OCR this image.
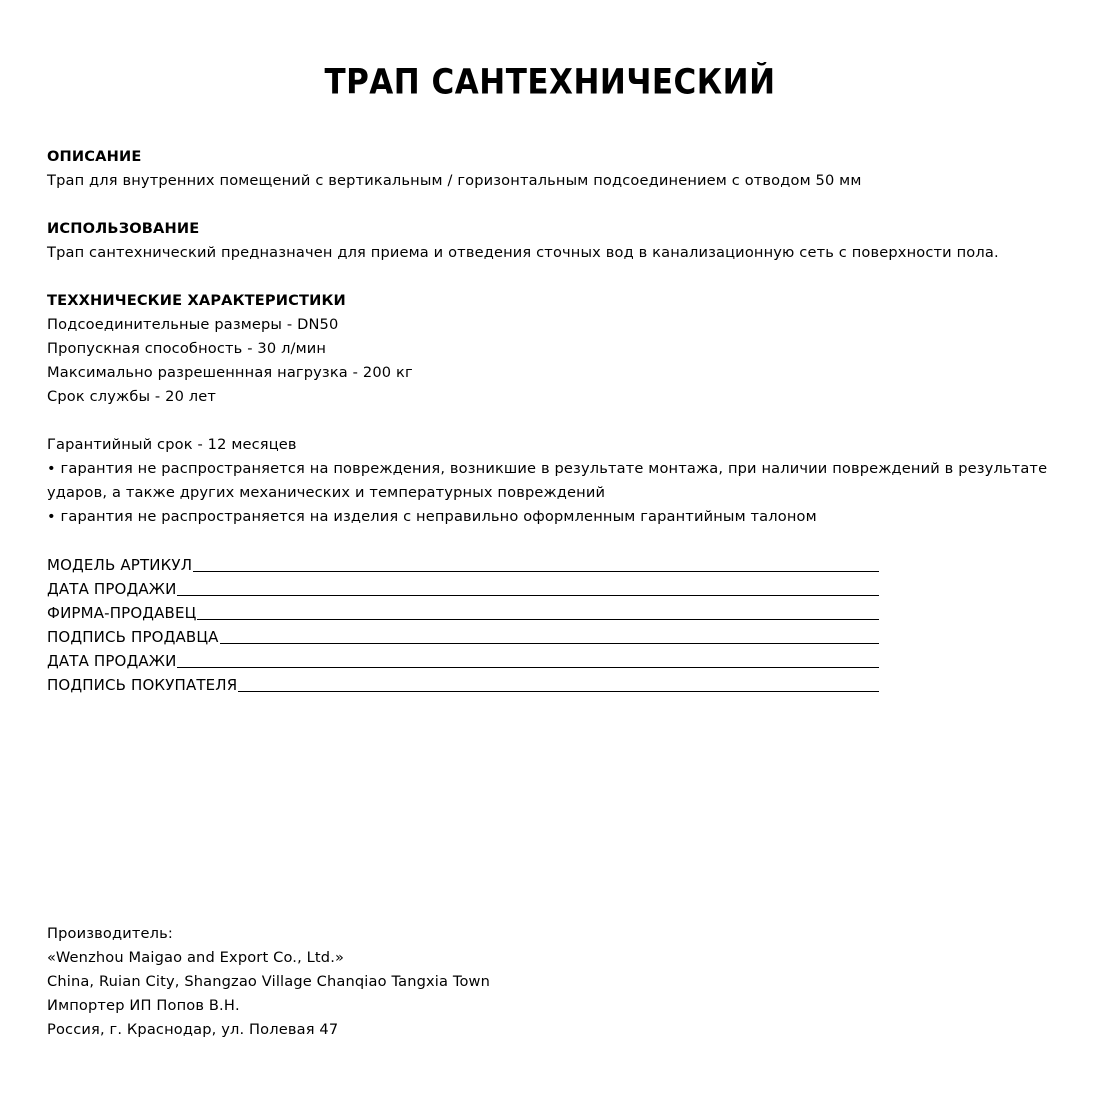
ТРАП САНТЕХНИЧЕСКИЙ
ОПИСАНИЕ
Трап для внутренних помещений с вертикальным / горизонтальным подсоединением с отводом 50 мм
ИСПОЛЬЗОВАНИЕ
Трап сантехнический предназначен для приема и отведения сточных вод в канализационную сеть с поверхности пола.
ТЕХХНИЧЕСКИЕ ХАРАКТЕРИСТИКИ
Подсоединительные размеры - DN50
Пропускная способность - 30 л/мин
Максимально разрешеннная нагрузка - 200 кг
Срок службы - 20 лет
Гарантийный срок - 12 месяцев
• гарантия не распространяется на повреждения, возникшие в результате монтажа, при наличии повреждений в результате ударов, а также других механических и температурных повреждений
• гарантия не распространяется на изделия с неправильно оформленным гарантийным талоном
МОДЕЛЬ АРТИКУЛ
ДАТА ПРОДАЖИ
ФИРМА-ПРОДАВЕЦ
ПОДПИСЬ ПРОДАВЦА
ДАТА ПРОДАЖИ
ПОДПИСЬ ПОКУПАТЕЛЯ
Производитель:
«Wenzhou Maigao and Export Co., Ltd.»
China, Ruian City, Shangzao Village Chanqiao Tangxia Town
Импортер ИП Попов В.Н.
Россия, г. Краснодар, ул. Полевая 47
